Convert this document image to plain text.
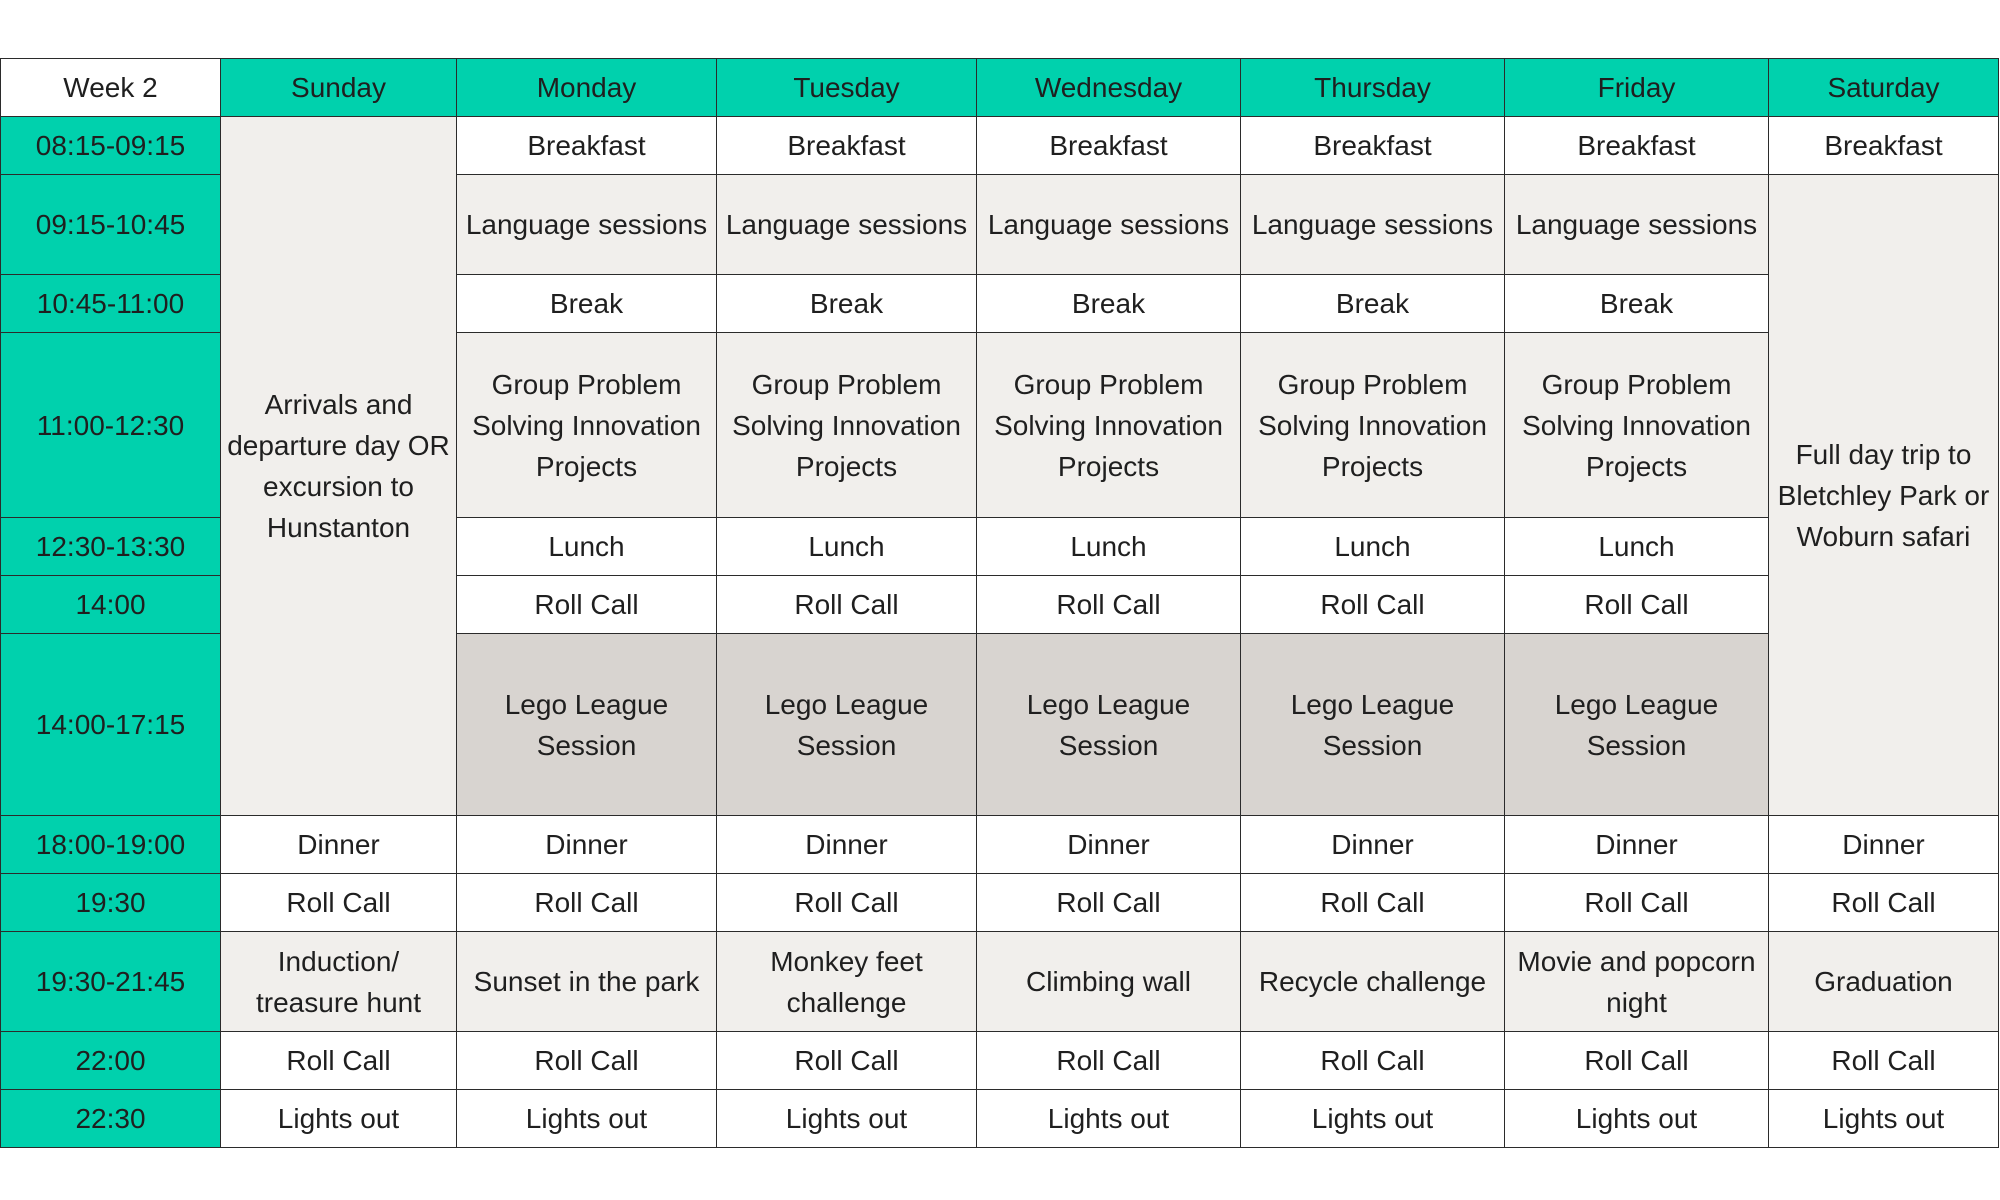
Week 2	Sunday	Monday	Tuesday	Wednesday	Thursday	Friday	Saturday
08:15-09:15	Arrivals and departure day OR excursion to Hunstanton	Breakfast	Breakfast	Breakfast	Breakfast	Breakfast	Breakfast
09:15-10:45		Language sessions	Language sessions	Language sessions	Language sessions	Language sessions	Full day trip to Bletchley Park or Woburn safari
10:45-11:00		Break	Break	Break	Break	Break	
11:00-12:30		Group Problem Solving Innovation Projects	Group Problem Solving Innovation Projects	Group Problem Solving Innovation Projects	Group Problem Solving Innovation Projects	Group Problem Solving Innovation Projects	
12:30-13:30		Lunch	Lunch	Lunch	Lunch	Lunch	
14:00		Roll Call	Roll Call	Roll Call	Roll Call	Roll Call	
14:00-17:15		Lego League Session	Lego League Session	Lego League Session	Lego League Session	Lego League Session	
18:00-19:00	Dinner	Dinner	Dinner	Dinner	Dinner	Dinner	Dinner
19:30	Roll Call	Roll Call	Roll Call	Roll Call	Roll Call	Roll Call	Roll Call
19:30-21:45	Induction/ treasure hunt	Sunset in the park	Monkey feet challenge	Climbing wall	Recycle challenge	Movie and popcorn night	Graduation
22:00	Roll Call	Roll Call	Roll Call	Roll Call	Roll Call	Roll Call	Roll Call
22:30	Lights out	Lights out	Lights out	Lights out	Lights out	Lights out	Lights out
